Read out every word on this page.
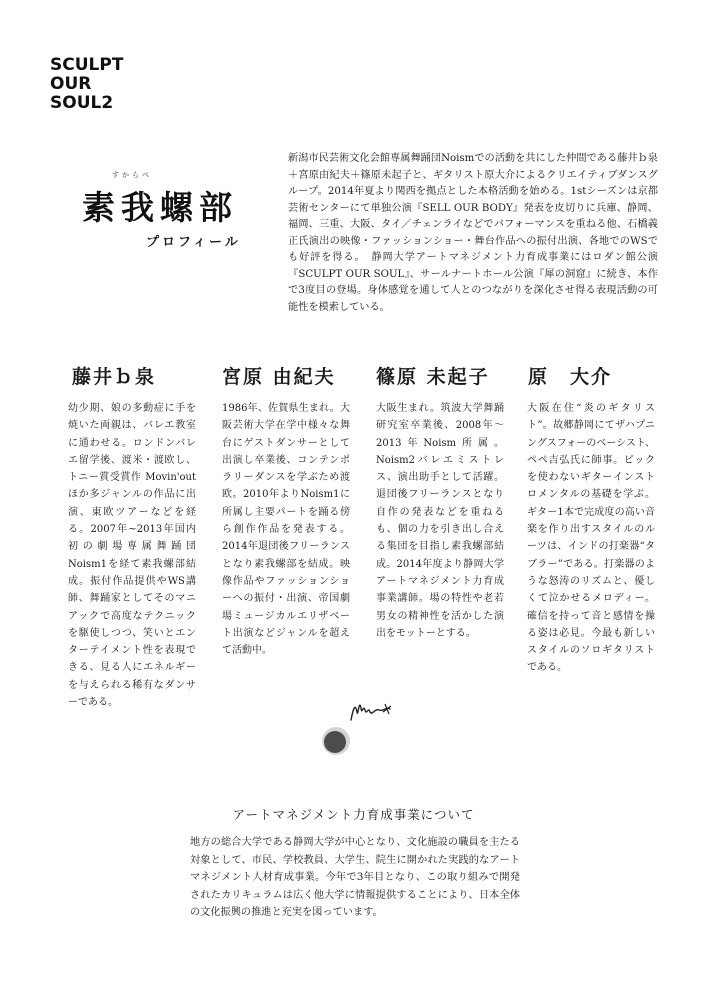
SCULPT
OUR
SOUL2
すからべ
素我螺部
プロフィール
新潟市民芸術文化会館専属舞踊団Noismでの活動を共にした仲間である藤井ｂ泉＋宮原由紀夫＋篠原未起子と、ギタリスト原大介によるクリエイティブダンスグループ。2014年夏より関西を拠点とした本格活動を始める。1stシーズンは京都芸術センターにて単独公演『SELL OUR BODY』発表を皮切りに兵庫、静岡、福岡、三重、大阪、タイ／チェンライなどでパフォーマンスを重ねる他、石橋義正氏演出の映像・ファッションショー・舞台作品への振付出演、各地でのWSでも好評を得る。　静岡大学アートマネジメント力育成事業にはロダン館公演『SCULPT OUR SOUL』、サールナートホール公演『犀の洞窟』に続き、本作で3度目の登場。身体感覚を通して人とのつながりを深化させ得る表現活動の可能性を模索している。
藤井ｂ泉	宮原 由紀夫 篠原 未起子 原　大介
幼少期、娘の多動症に手を焼いた両親は、バレエ教室に通わせる。ロンドンバレエ留学後、渡米・渡欧し、トニー賞受賞作 Movin'out ほか多ジャンルの作品に出演、東欧ツアーなどを経る。2007年~2013年国内初の劇場専属舞踊団Noism1を経て素我螺部結成。振付作品提供やWS講師、舞踊家としてそのマニアックで高度なテクニックを駆使しつつ、笑いとエンターテイメント性を表現できる、見る人にエネルギーを与えられる稀有なダンサーである。
1986年、佐賀県生まれ。大阪芸術大学在学中様々な舞台にゲストダンサーとして出演し卒業後、コンテンポラリーダンスを学ぶため渡欧。2010年よりNoism1に所属し主要パートを踊る傍ら創作作品を発表する。2014年退団後フリーランスとなり素我螺部を結成。映像作品やファッションショーへの振付・出演、帝国劇場ミュージカルエリザベート出演などジャンルを超えて活動中。
大阪生まれ。筑波大学舞踊研究室卒業後、2008年～2013年Noism所属。Noism2バレエミストレス、演出助手として活躍。退団後フリーランスとなり自作の発表などを重ねるも、個の力を引き出し合える集団を目指し素我螺部結成。2014年度より静岡大学アートマネジメント力育成事業講師。場の特性や老若男女の精神性を活かした演出をモットーとする。
大阪在住“炎のギタリスト”。故郷静岡にてザハプニングスフォーのベーシスト、ペペ吉弘氏に師事。ピックを使わないギターインストロメンタルの基礎を学ぶ。ギター1本で完成度の高い音楽を作り出すスタイルのルーツは、インドの打楽器“タブラー”である。打楽器のような怒涛のリズムと、優しくて泣かせるメロディー。確信を持って音と感情を操る姿は必見。今最も新しいスタイルのソロギタリストである。
アートマネジメント力育成事業について
地方の総合大学である静岡大学が中心となり、文化施設の職員を主たる対象として、市民、学校教員、大学生、院生に開かれた実践的なアートマネジメント人材育成事業。今年で3年目となり、この取り組みで開発されたカリキュラムは広く他大学に情報提供することにより、日本全体の文化振興の推進と充実を図っています。
